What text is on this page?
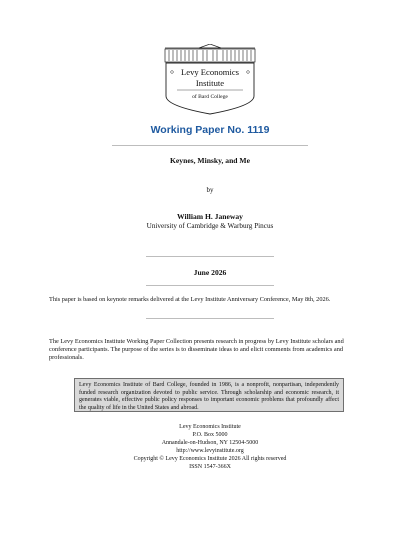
Levy Economics
Institute
of Bard College
Working Paper No. 1119
Keynes, Minsky, and Me
by
William H. Janeway
University of Cambridge & Warburg Pincus
June 2026
This paper is based on keynote remarks delivered at the Levy Institute Anniversary Conference, May 8th, 2026.
The Levy Economics Institute Working Paper Collection presents research in progress by Levy Institute scholars and conference participants. The purpose of the series is to disseminate ideas to and elicit comments from academics and professionals.
Levy Economics Institute of Bard College, founded in 1986, is a nonprofit, nonpartisan, independently funded research organization devoted to public service. Through scholarship and economic research, it generates viable, effective public policy responses to important economic problems that profoundly affect the quality of life in the United States and abroad.
Levy Economics Institute
P.O. Box 5000
Annandale-on-Hudson, NY 12504-5000
http://www.levyinstitute.org
Copyright © Levy Economics Institute 2026 All rights reserved
ISSN 1547-366X
